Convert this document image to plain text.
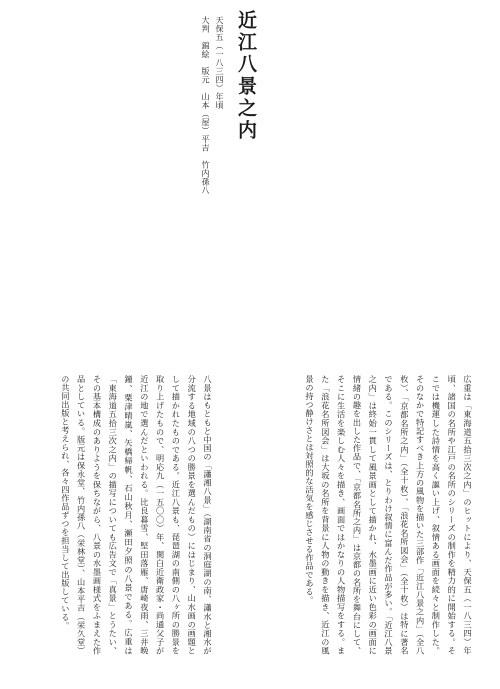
近江八景之内

天保五（一八三四）年頃

大判　錦絵　版元　山本（屋）平吉　竹内孫八

広重は「東海道五拾三次之内」のヒットにより、天保五（一八三四）年頃、諸国の名所や江戸の名所のシリーズの制作を精力的に開始する。そこでは機運した詩情を高く謳い上げ、叙情ある画面を続々と制作した。そのなかで特記すべき上方の風物を描いた三部作「近江八景之内」（全八枚）、「京都名所之内」（全十枚）、「浪花名所図会」（全十枚）は特に著名である。このシリーズは、とりわけ叙情に富んだ作品が多い。「近江八景之内」は終始一貫して風景画として描かれ、水墨画に近い色彩の画面に情緒の趣を出した作品で、「京都名所之内」は京都の名所を舞台にして、そこに生活を楽しむ人々を描き、画面ではかなりの人物描写をする。また「浪花名所図会」は大坂の名所を背景に人物の動きを描き、近江の風景の持つ静けさとは対照的な活気を感じさせる作品である。

八景はもともと中国の「瀟湘八景」（湖南省の洞庭湖の南、瀟水と湘水が分流する地域の八つの勝景を選んだもの）にはじまり、山水画の画題として描かれたものである。近江八景も、琵琶湖の南側の八ヶ所の勝景を取り上げたもので、明応九（一五〇〇）年、関白近衛政家・尚通父子が近江の地で選んだといわれる。比良暮雪、堅田落雁、唐崎夜雨、三井晩鐘、粟津晴嵐、矢橋帰帆、石山秋月、瀬田夕照の八景である。広重は「東海道五拾三次之内」の描写についても広告文で「真景」とうたい、その基本構成のありようを保ちながら、八景の水墨画様式をふまえた作品としている。版元は保永堂、竹内孫八（栄林堂）、山本平吉（栄久堂）の共同出版と考えられ、各々四作品ずつを担当して出版している。
